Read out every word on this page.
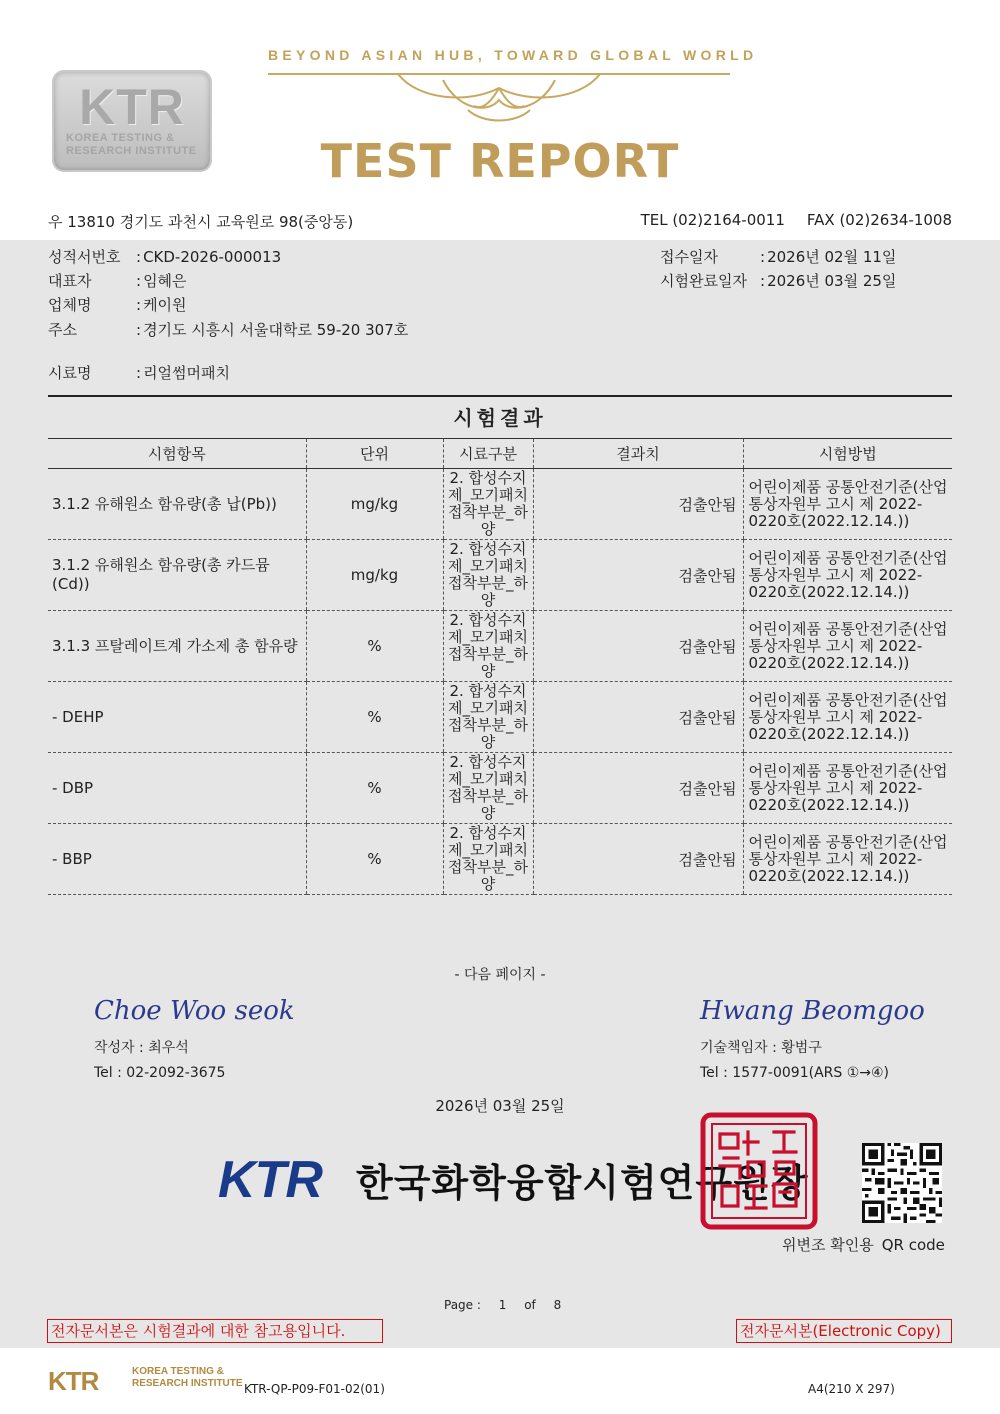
KTR
KOREA TESTING &
RESEARCH INSTITUTE
BEYOND ASIAN HUB, TOWARD GLOBAL WORLD
TEST REPORT
우 13810 경기도 과천시 교육원로 98(중앙동)	TEL (02)2164-0011 FAX (02)2634-1008
성적서번호 : CKD-2026-000013
대표자	: 임혜은
업체명	: 케이원
주소	: 경기도 시흥시 서울대학로 59-20 307호
시료명	: 리얼썸머패치
접수일자	: 2026년 02월 11일
시험완료일자 : 2026년 03월 25일
시험결과
시험항목	단위	시료구분	결과치	시험방법
3.1.2 유해원소 함유량(총 납(Pb))	mg/kg	2. 합성수지제_모기패치 접착부분_하양	검출안됨	어린이제품 공통안전기준(산업통상자원부 고시 제 2022-0220호(2022.12.14.))
3.1.2 유해원소 함유량(총 카드뮴(Cd))	mg/kg	2. 합성수지제_모기패치 접착부분_하양	검출안됨	어린이제품 공통안전기준(산업통상자원부 고시 제 2022-0220호(2022.12.14.))
3.1.3 프탈레이트계 가소제 총 함유량	%	2. 합성수지제_모기패치 접착부분_하양	검출안됨	어린이제품 공통안전기준(산업통상자원부 고시 제 2022-0220호(2022.12.14.))
- DEHP	%	2. 합성수지제_모기패치 접착부분_하양	검출안됨	어린이제품 공통안전기준(산업통상자원부 고시 제 2022-0220호(2022.12.14.))
- DBP	%	2. 합성수지제_모기패치 접착부분_하양	검출안됨	어린이제품 공통안전기준(산업통상자원부 고시 제 2022-0220호(2022.12.14.))
- BBP	%	2. 합성수지제_모기패치 접착부분_하양	검출안됨	어린이제품 공통안전기준(산업통상자원부 고시 제 2022-0220호(2022.12.14.))
- 다음 페이지 -
Choe Woo seok
작성자 : 최우석
Tel : 02-2092-3675
Hwang Beomgoo
기술책임자 : 황범구
Tel : 1577-0091(ARS ①→④)
2026년 03월 25일
KTR 한국화학융합시험연구원장
위변조 확인용 QR code
Page : 1 of 8
전자문서본은 시험결과에 대한 참고용입니다.	전자문서본(Electronic Copy)
KTR	KOREA TESTING &
RESEARCH INSTITUTE KTR-QP-P09-F01-02(01)	A4(210 X 297)
